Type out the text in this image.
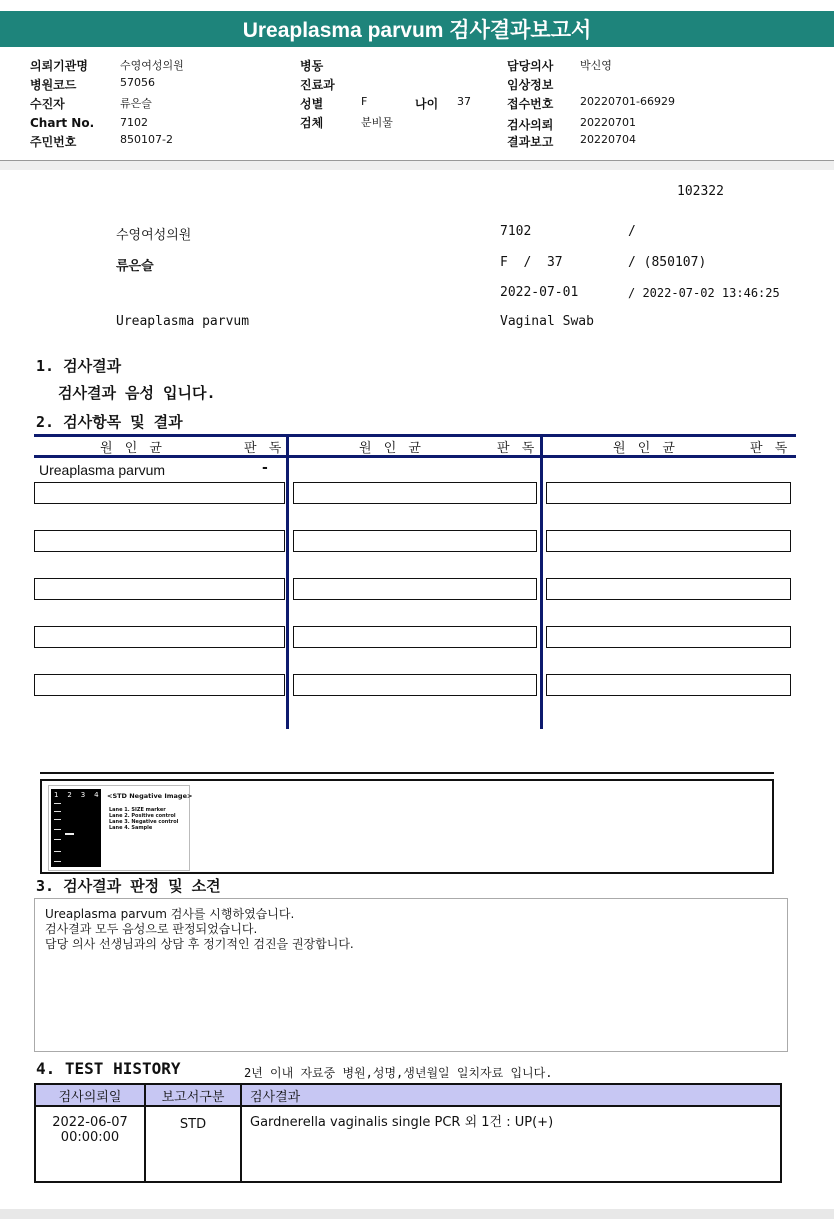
Ureaplasma parvum 검사결과보고서
의뢰기관명	수영여성의원
병원코드	57056
수진자	류은슬
Chart No. 7102
주민번호	850107-2
병동
진료과
성별	F	나이 37
검체	분비물
담당의사 박신영
임상정보
접수번호 20220701-66929
검사의뢰 20220701
결과보고 20220704
102322
수영여성의원	7102	/
류은슬	F  /  37	/ (850107)
2022-07-01	/ 2022-07-02 13:46:25
Ureaplasma parvum	Vaginal Swab
1. 검사결과
검사결과 음성 입니다.
2. 검사항목 및 결과
원 인 균	판 독	원 인 균	판 독	원 인 균	판 독
Ureaplasma parvum	-
1 2 3 4 <STD Negative Image>
Lane 1. SIZE marker
Lane 2. Positive control
Lane 3. Negative control
Lane 4. Sample
3. 검사결과 판정 및 소견
Ureaplasma parvum 검사를 시행하였습니다.
검사결과 모두 음성으로 판정되었습니다.
담당 의사 선생님과의 상담 후 정기적인 검진을 권장합니다.
4. TEST HISTORY	2년 이내 자료중 병원,성명,생년월일 일치자료 입니다.
검사의뢰일	보고서구분	검사결과

2022-06-07
00:00:00	STD	Gardnerella vaginalis single PCR 외 1건 : UP(+)
